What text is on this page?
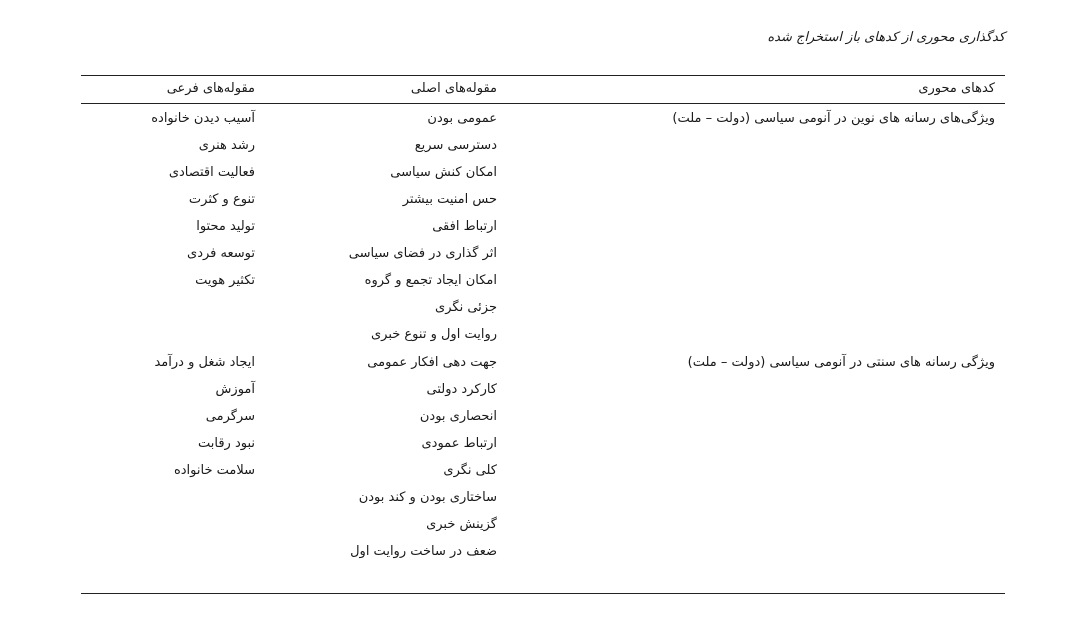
کدگذاری محوری از کدهای باز استخراج شده
کدهای محوری
مقوله‌های اصلی
مقوله‌های فرعی
ویژگی‌های رسانه های نوین در آنومی سیاسی (دولت – ملت)
عمومی بودن
دسترسی سریع
امکان کنش سیاسی
حس امنیت بیشتر
ارتباط افقی
اثر گذاری در فضای سیاسی
امکان ایجاد تجمع و گروه
جزئی نگری
روایت اول و تنوع خبری
آسیب دیدن خانواده
رشد هنری
فعالیت اقتصادی
تنوع و کثرت
تولید محتوا
توسعه فردی
تکثیر هویت
ویژگی رسانه های سنتی در آنومی سیاسی (دولت – ملت)
جهت دهی افکار عمومی
کارکرد دولتی
انحصاری بودن
ارتباط عمودی
کلی نگری
ساختاری بودن و کند بودن
گزینش خبری
ضعف در ساخت روایت اول
ایجاد شغل و درآمد
آموزش
سرگرمی
نبود رقابت
سلامت خانواده
